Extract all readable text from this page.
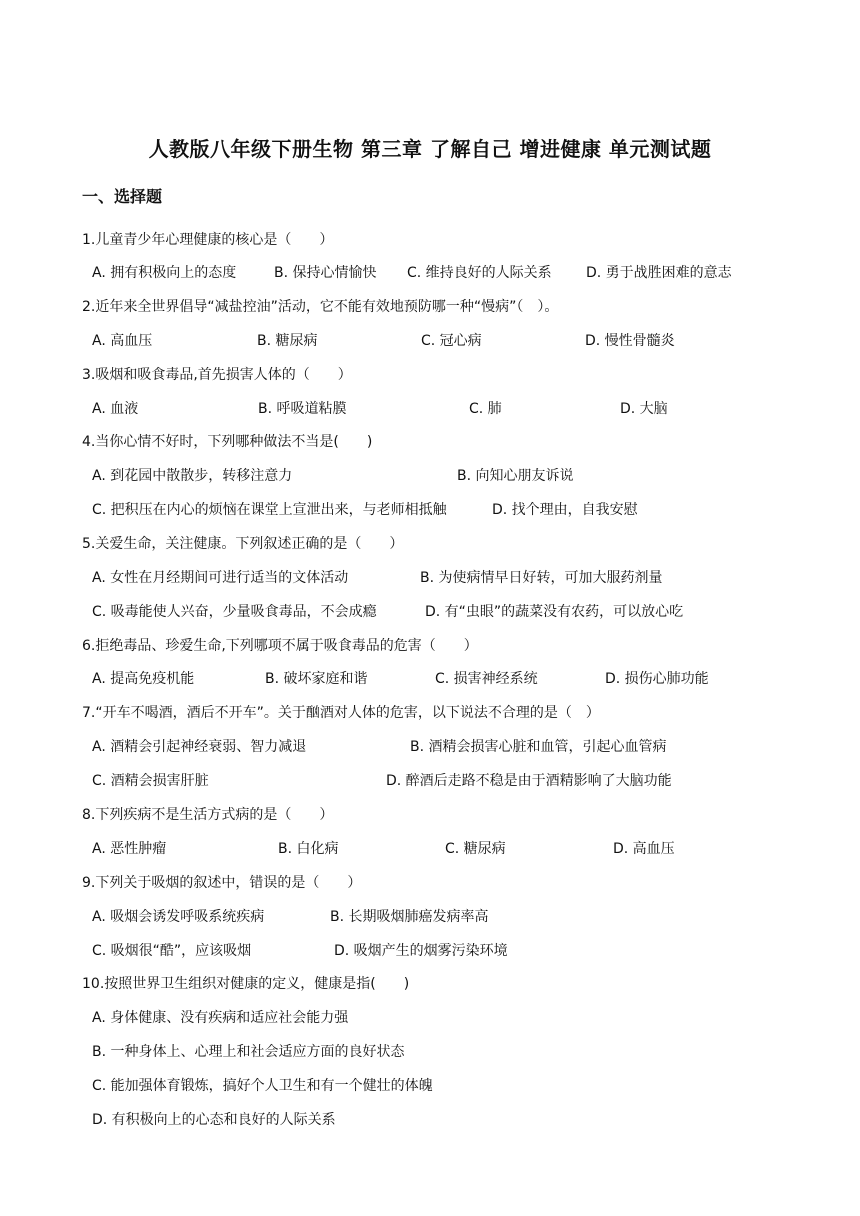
人教版八年级下册生物 第三章 了解自己 增进健康 单元测试题
一、选择题
1.儿童青少年心理健康的核心是（　　）
A. 拥有积极向上的态度	B. 保持心情愉快 C. 维持良好的人际关系 D. 勇于战胜困难的意志
2.近年来全世界倡导“减盐控油”活动，它不能有效地预防哪一种“慢病”（　）。
A. 高血压	B. 糖尿病	C. 冠心病	D. 慢性骨髓炎
3.吸烟和吸食毒品,首先损害人体的（　　）
A. 血液	B. 呼吸道粘膜	C. 肺	D. 大脑
4.当你心情不好时，下列哪种做法不当是(　　)
A. 到花园中散散步，转移注意力	B. 向知心朋友诉说
C. 把积压在内心的烦恼在课堂上宣泄出来，与老师相抵触	D. 找个理由，自我安慰
5.关爱生命，关注健康。下列叙述正确的是（　　）
A. 女性在月经期间可进行适当的文体活动	B. 为使病情早日好转，可加大服药剂量
C. 吸毒能使人兴奋，少量吸食毒品，不会成瘾	D. 有“虫眼”的蔬菜没有农药，可以放心吃
6.拒绝毒品、珍爱生命,下列哪项不属于吸食毒品的危害（　　）
A. 提高免疫机能	B. 破坏家庭和谐	C. 损害神经系统	D. 损伤心肺功能
7.“开车不喝酒，酒后不开车”。关于酗酒对人体的危害，以下说法不合理的是（　）
A. 酒精会引起神经衰弱、智力减退	B. 酒精会损害心脏和血管，引起心血管病
C. 酒精会损害肝脏	D. 醉酒后走路不稳是由于酒精影响了大脑功能
8.下列疾病不是生活方式病的是（　　）
A. 恶性肿瘤	B. 白化病	C. 糖尿病	D. 高血压
9.下列关于吸烟的叙述中，错误的是（　　）
A. 吸烟会诱发呼吸系统疾病	B. 长期吸烟肺癌发病率高
C. 吸烟很“酷”，应该吸烟	D. 吸烟产生的烟雾污染环境
10.按照世界卫生组织对健康的定义，健康是指(　　)
A. 身体健康、没有疾病和适应社会能力强
B. 一种身体上、心理上和社会适应方面的良好状态
C. 能加强体育锻炼，搞好个人卫生和有一个健壮的体魄
D. 有积极向上的心态和良好的人际关系
